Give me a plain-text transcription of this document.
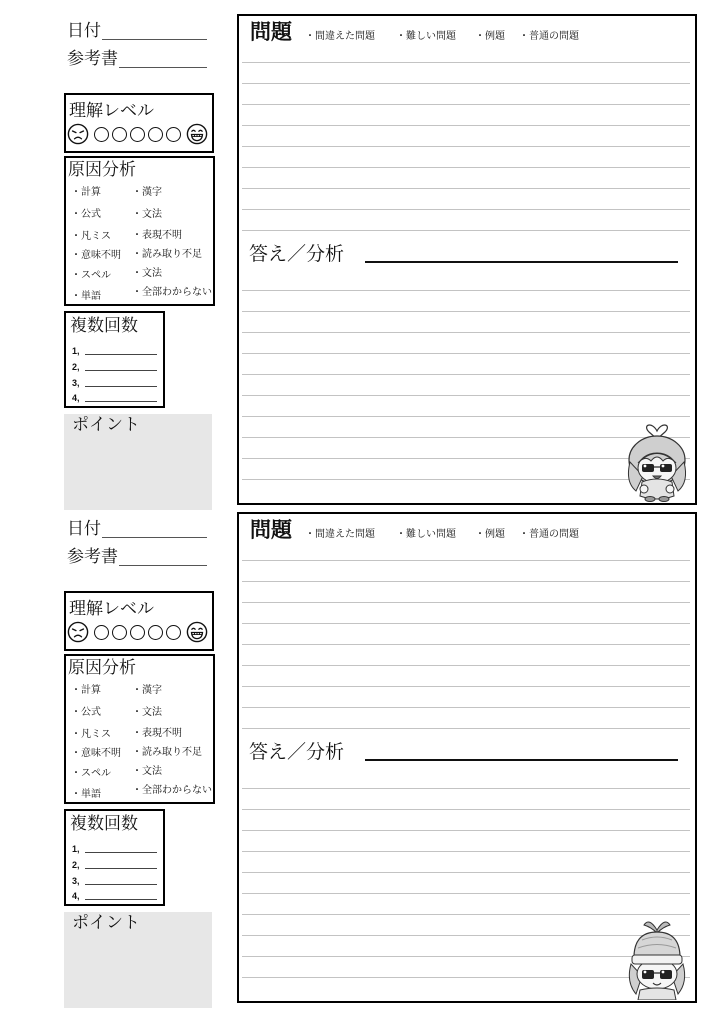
日付
参考書
理解レベル
原因分析
・計算
・公式
・凡ミス
・意味不明
・スペル
・単語
・漢字
・文法
・表現不明
・読み取り不足
・文法
・全部わからない
複数回数
1,
2,
3,
4,
ポイント
問題 ・間違えた問題 ・難しい問題 ・例題 ・普通の問題
答え／分析
日付
参考書
理解レベル
原因分析
・計算
・公式
・凡ミス
・意味不明
・スペル
・単語
・漢字
・文法
・表現不明
・読み取り不足
・文法
・全部わからない
複数回数
1,
2,
3,
4,
ポイント
問題 ・間違えた問題 ・難しい問題 ・例題 ・普通の問題
答え／分析
